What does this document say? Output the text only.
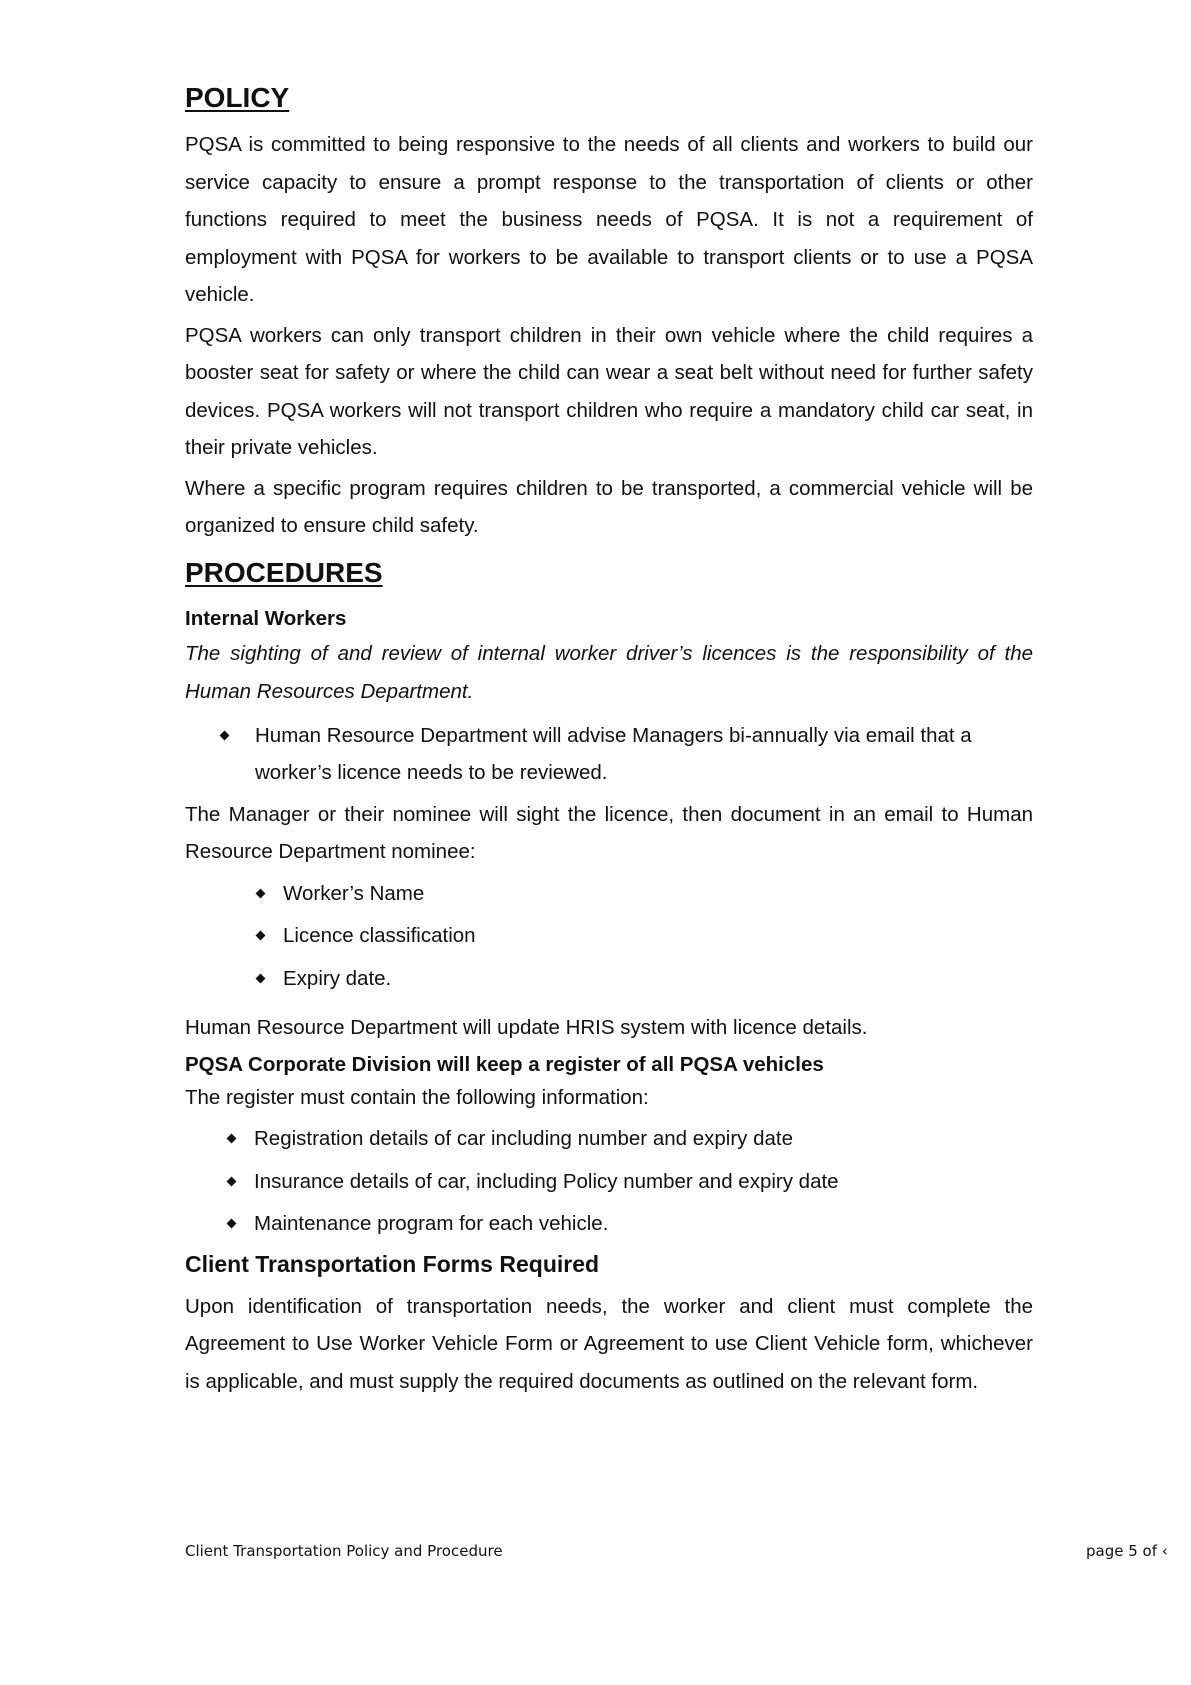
POLICY

PQSA is committed to being responsive to the needs of all clients and workers to build our service capacity to ensure a prompt response to the transportation of clients or other functions required to meet the business needs of PQSA. It is not a requirement of employment with PQSA for workers to be available to transport clients or to use a PQSA vehicle.

PQSA workers can only transport children in their own vehicle where the child requires a booster seat for safety or where the child can wear a seat belt without need for further safety devices. PQSA workers will not transport children who require a mandatory child car seat, in their private vehicles.

Where a specific program requires children to be transported, a commercial vehicle will be organized to ensure child safety.

PROCEDURES
Internal Workers

The sighting of and review of internal worker driver’s licences is the responsibility of the Human Resources Department.

Human Resource Department will advise Managers bi-annually via email that a worker’s licence needs to be reviewed.

The Manager or their nominee will sight the licence, then document in an email to Human Resource Department nominee:

Worker’s Name
Licence classification
Expiry date.

Human Resource Department will update HRIS system with licence details.

PQSA Corporate Division will keep a register of all PQSA vehicles

The register must contain the following information:

Registration details of car including number and expiry date
Insurance details of car, including Policy number and expiry date
Maintenance program for each vehicle.
Client Transportation Forms Required

Upon identification of transportation needs, the worker and client must complete the Agreement to Use Worker Vehicle Form or Agreement to use Client Vehicle form, whichever is applicable, and must supply the required documents as outlined on the relevant form.

Client Transportation Policy and Procedure	page 5 of ‹
